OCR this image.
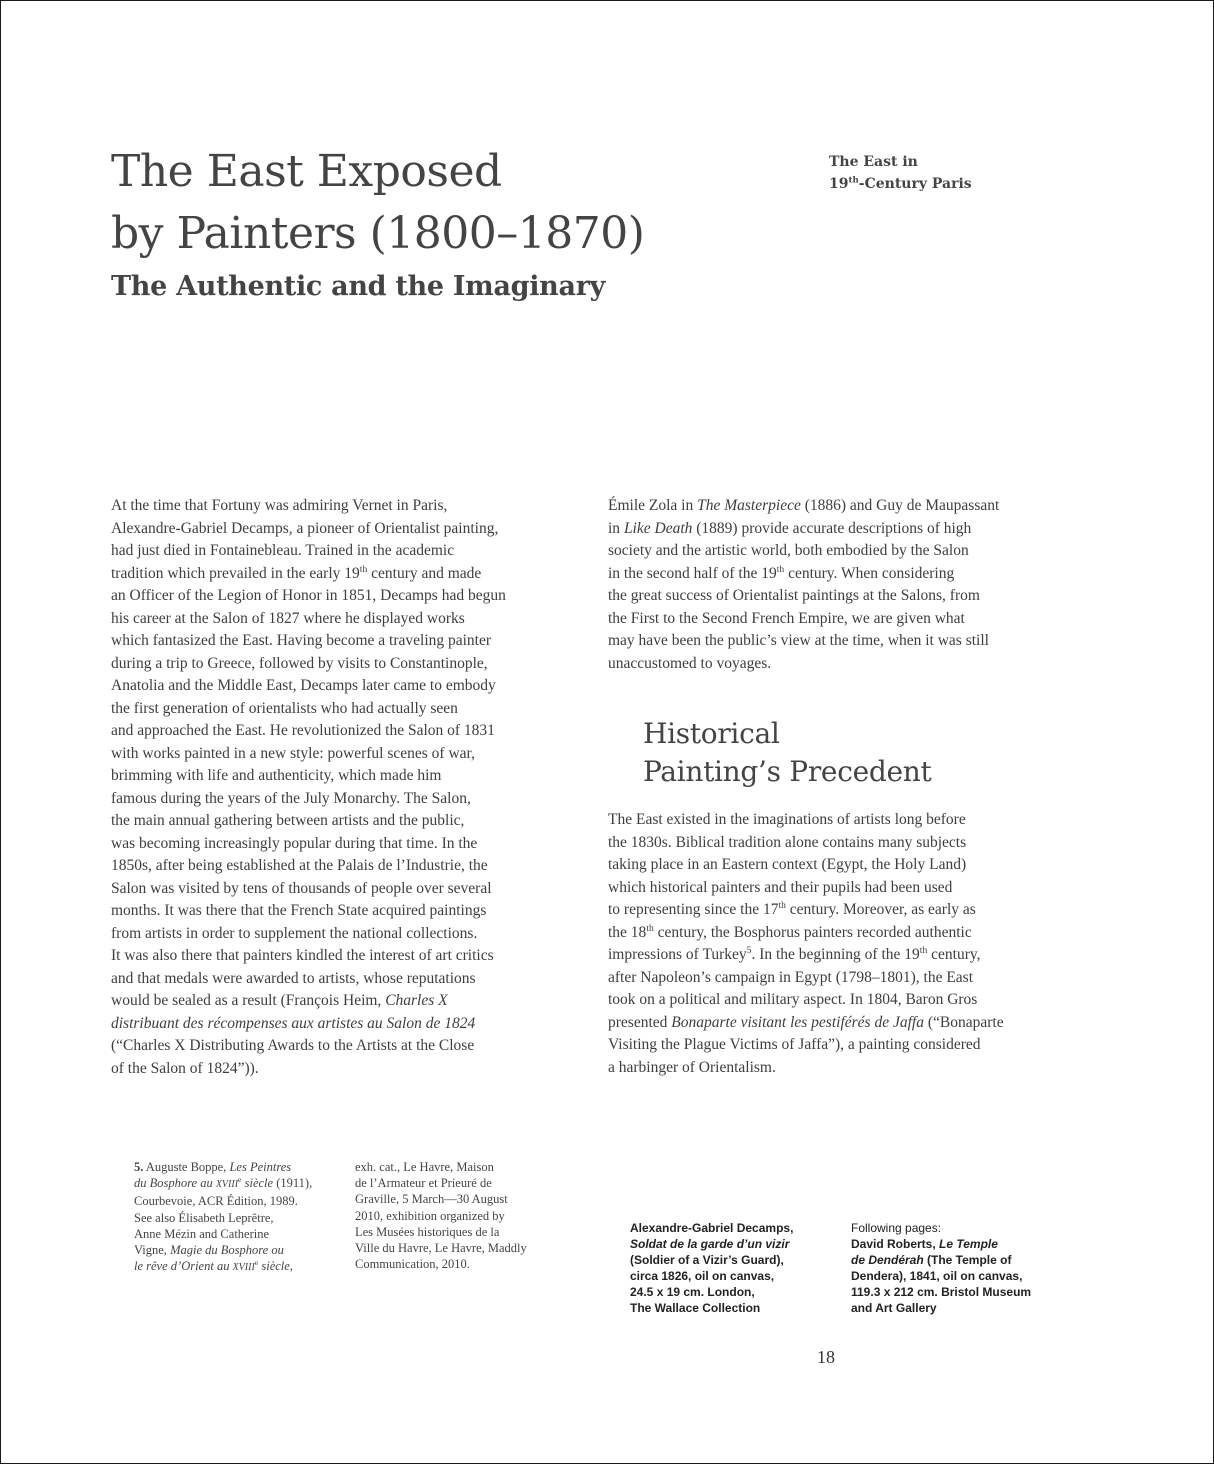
The East Exposed
by Painters (1800–1870)
The Authentic and the Imaginary
The East in
19th-Century Paris
At the time that Fortuny was admiring Vernet in Paris,
Alexandre-Gabriel Decamps, a pioneer of Orientalist painting,
had just died in Fontainebleau. Trained in the academic
tradition which prevailed in the early 19th century and made
an Officer of the Legion of Honor in 1851, Decamps had begun
his career at the Salon of 1827 where he displayed works
which fantasized the East. Having become a traveling painter
during a trip to Greece, followed by visits to Constantinople,
Anatolia and the Middle East, Decamps later came to embody
the first generation of orientalists who had actually seen
and approached the East. He revolutionized the Salon of 1831
with works painted in a new style: powerful scenes of war,
brimming with life and authenticity, which made him
famous during the years of the July Monarchy. The Salon,
the main annual gathering between artists and the public,
was becoming increasingly popular during that time. In the
1850s, after being established at the Palais de l’Industrie, the
Salon was visited by tens of thousands of people over several
months. It was there that the French State acquired paintings
from artists in order to supplement the national collections.
It was also there that painters kindled the interest of art critics
and that medals were awarded to artists, whose reputations
would be sealed as a result (François Heim, Charles X
distribuant des récompenses aux artistes au Salon de 1824
(“Charles X Distributing Awards to the Artists at the Close
of the Salon of 1824”)).
Émile Zola in The Masterpiece (1886) and Guy de Maupassant
in Like Death (1889) provide accurate descriptions of high
society and the artistic world, both embodied by the Salon
in the second half of the 19th century. When considering
the great success of Orientalist paintings at the Salons, from
the First to the Second French Empire, we are given what
may have been the public’s view at the time, when it was still
unaccustomed to voyages.
Historical
Painting’s Precedent
The East existed in the imaginations of artists long before
the 1830s. Biblical tradition alone contains many subjects
taking place in an Eastern context (Egypt, the Holy Land)
which historical painters and their pupils had been used
to representing since the 17th century. Moreover, as early as
the 18th century, the Bosphorus painters recorded authentic
impressions of Turkey$^5$. In the beginning of the 19th century,
after Napoleon’s campaign in Egypt (1798–1801), the East
took on a political and military aspect. In 1804, Baron Gros
presented Bonaparte visitant les pestiférés de Jaffa (“Bonaparte
Visiting the Plague Victims of Jaffa”), a painting considered
a harbinger of Orientalism.
5. Auguste Boppe, Les Peintres
du Bosphore au XVIIIe siècle (1911),
Courbevoie, ACR Édition, 1989.
See also Élisabeth Leprêtre,
Anne Mézin and Catherine
Vigne, Magie du Bosphore ou
le rêve d’Orient au XVIIIe siècle,
exh. cat., Le Havre, Maison
de l’Armateur et Prieuré de
Graville, 5 March—30 August
2010, exhibition organized by
Les Musées historiques de la
Ville du Havre, Le Havre, Maddly
Communication, 2010.
Alexandre-Gabriel Decamps,
Soldat de la garde d’un vizir
(Soldier of a Vizir’s Guard),
circa 1826, oil on canvas,
24.5 x 19 cm. London,
The Wallace Collection
Following pages:
David Roberts, Le Temple
de Dendérah (The Temple of
Dendera), 1841, oil on canvas,
119.3 x 212 cm. Bristol Museum
and Art Gallery
18
